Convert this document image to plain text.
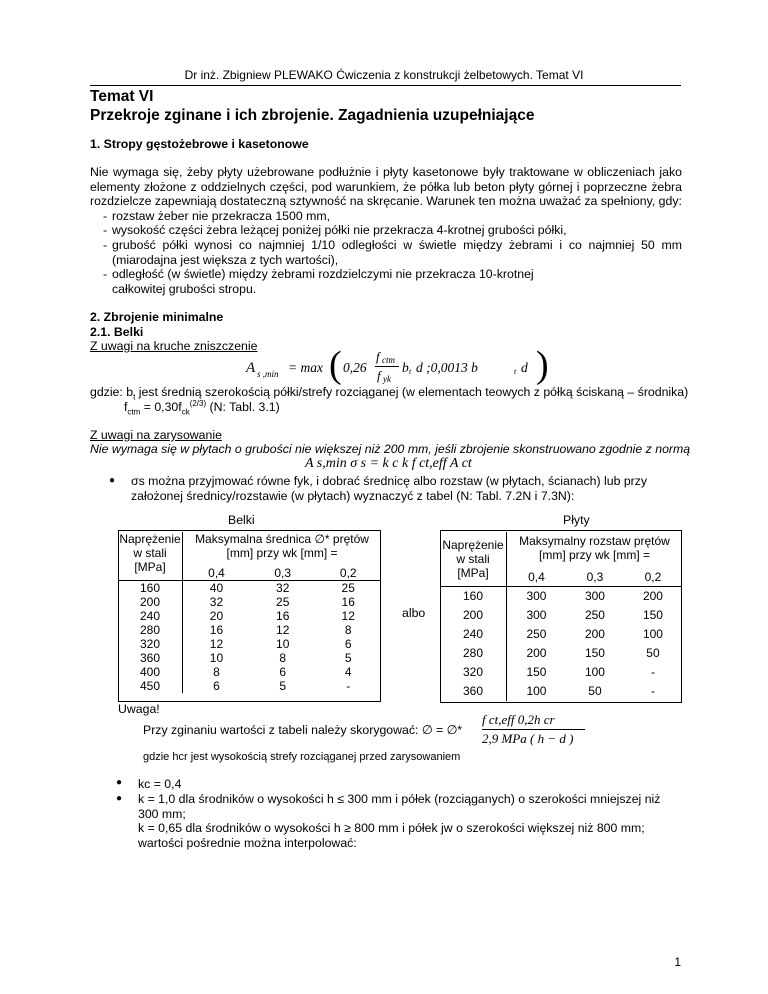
Dr inż. Zbigniew PLEWAKO Ćwiczenia z konstrukcji żelbetowych. Temat VI
Temat VI
Przekroje zginane i ich zbrojenie. Zagadnienia uzupełniające
1. Stropy gęstożebrowe i kasetonowe
Nie wymaga się, żeby płyty użebrowane podłużnie i płyty kasetonowe były traktowane w obliczeniach jako elementy złożone z oddzielnych części, pod warunkiem, że półka lub beton płyty górnej i poprzeczne żebra rozdzielcze zapewniają dostateczną sztywność na skręcanie. Warunek ten można uważać za spełniony, gdy:
- rozstaw żeber nie przekracza 1500 mm,
- wysokość części żebra leżącej poniżej półki nie przekracza 4-krotnej grubości półki,
- grubość półki wynosi co najmniej 1/10 odległości w świetle między żebrami i co najmniej 50 mm (miarodajna jest większa z tych wartości),
- odległość (w świetle) między żebrami rozdzielczymi nie przekracza 10-krotnej całkowitej grubości stropu.
2. Zbrojenie minimalne
2.1. Belki
Z uwagi na kruche zniszczenie
A s ,min = max ( 0,26
f ctm
f yk
b t d ;0,0013 b	t d )
gdzie: $b_t$ jest średnią szerokością półki/strefy rozciąganej (w elementach teowych z półką ściskaną – środnika)
$f_{ctm} = 0,30f_{ck}^{(2/3)}$ (N: Tabl. 3.1)
Z uwagi na zarysowanie
Nie wymaga się w płytach o grubości nie większej niż 200 mm, jeśli zbrojenie skonstruowano zgodnie z normą
A s,min σ s = k c k f ct,eff A ct
● σs można przyjmować równe fyk, i dobrać średnicę albo rozstaw (w płytach, ścianach) lub przy założonej średnicy/rozstawie (w płytach) wyznaczyć z tabel (N: Tabl. 7.2N i 7.3N):
Belki
Naprężenie w stali [MPa]	Maksymalna średnica ∅* prętów [mm] przy wk [mm] =		
	0,4	0,3	0,2
160	40	32	25
200	32	25	16
240	20	16	12
280	16	12	8
320	12	10	6
360	10	8	5
400	8	6	4
450	6	5	-
albo
Płyty
Naprężenie w stali [MPa]	Maksymalny rozstaw prętów [mm] przy wk [mm] =		
	0,4	0,3	0,2
160	300	300	200
200	300	250	150
240	250	200	100
280	200	150	50
320	150	100	-
360	100	50	-
Uwaga!
Przy zginaniu wartości z tabeli należy skorygować: ∅ = ∅*
f ct,eff 0,2h cr
2,9 MPa ( h − d )
gdzie hcr jest wysokością strefy rozciąganej przed zarysowaniem
● kc = 0,4
● k = 1,0 dla środników o wysokości h ≤ 300 mm i półek (rozciąganych) o szerokości mniejszej niż 300 mm;
k = 0,65 dla środników o wysokości h ≥ 800 mm i półek jw o szerokości większej niż 800 mm;
wartości pośrednie można interpolować:
1
